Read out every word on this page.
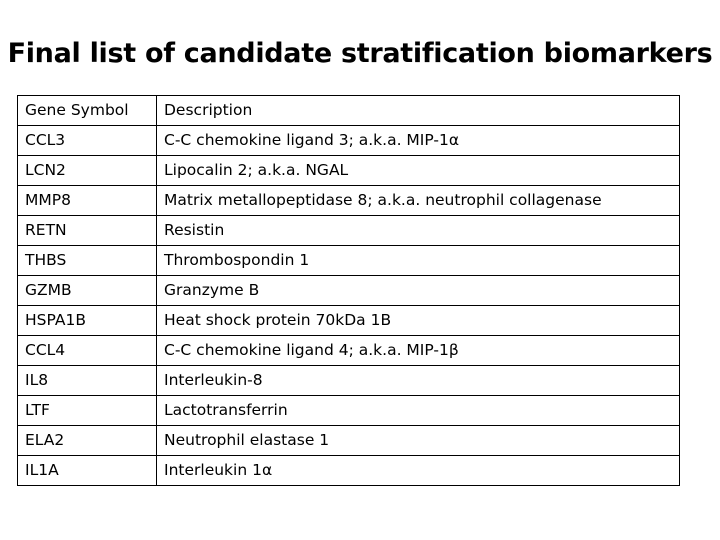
Final list of candidate stratification biomarkers
Gene Symbol	Description
CCL3	C-C chemokine ligand 3; a.k.a. MIP-1α
LCN2	Lipocalin 2; a.k.a. NGAL
MMP8	Matrix metallopeptidase 8; a.k.a. neutrophil collagenase
RETN	Resistin
THBS	Thrombospondin 1
GZMB	Granzyme B
HSPA1B	Heat shock protein 70kDa 1B
CCL4	C-C chemokine ligand 4; a.k.a. MIP-1β
IL8	Interleukin-8
LTF	Lactotransferrin
ELA2	Neutrophil elastase 1
IL1A	Interleukin 1α
